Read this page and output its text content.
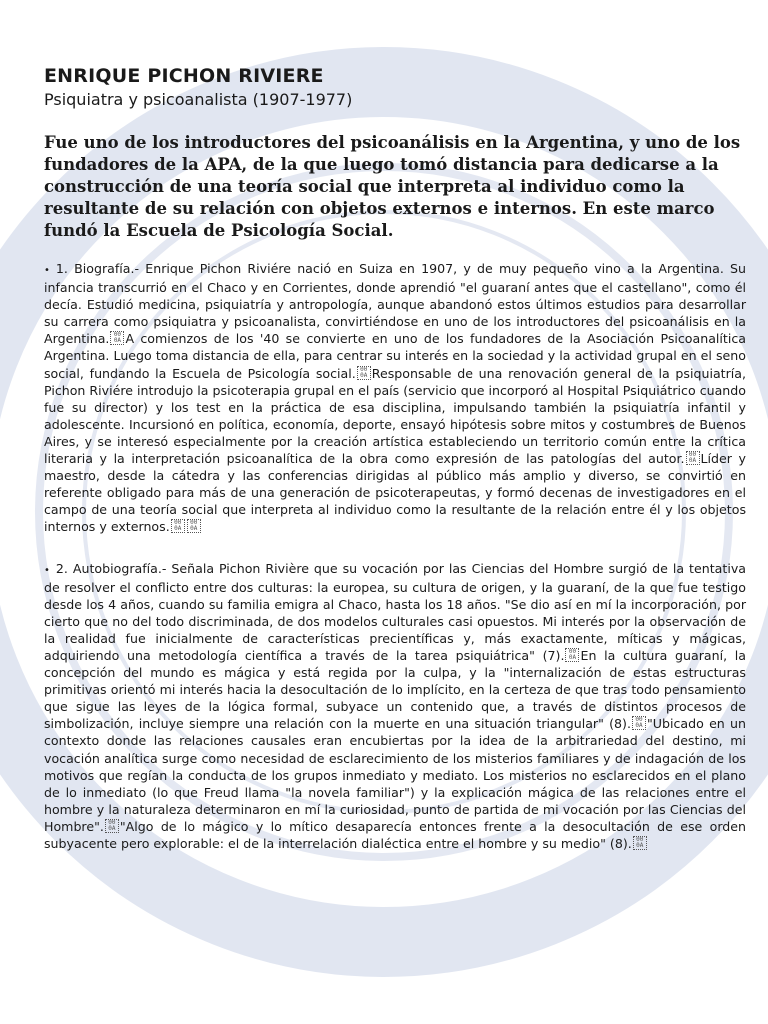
ENRIQUE PICHON RIVIERE

Psiquiatra y psicoanalista (1907-1977)

Fue uno de los introductores del psicoanálisis en la Argentina, y uno de los fundadores de la APA, de la que luego tomó distancia para dedicarse a la construcción de una teoría social que interpreta al individuo como la resultante de su relación con objetos externos e internos. En este marco fundó la Escuela de Psicología Social.

• 1. Biografía.- Enrique Pichon Riviére nació en Suiza en 1907, y de muy pequeño vino a la Argentina. Su infancia transcurrió en el Chaco y en Corrientes, donde aprendió "el guaraní antes que el castellano", como él decía. Estudió medicina, psiquiatría y antropología, aunque abandonó estos últimos estudios para desarrollar su carrera como psiquiatra y psicoanalista, convirtiéndose en uno de los introductores del psicoanálisis en la Argentina. 00
0A A comienzos de los '40 se convierte en uno de los fundadores de la Asociación Psicoanalítica Argentina. Luego toma distancia de ella, para centrar su interés en la sociedad y la actividad grupal en el seno social, fundando la Escuela de Psicología social. 00
0A Responsable de una renovación general de la psiquiatría, Pichon Riviére introdujo la psicoterapia grupal en el país (servicio que incorporó al Hospital Psiquiátrico cuando fue su director) y los test en la práctica de esa disciplina, impulsando también la psiquiatría infantil y adolescente. Incursionó en política, economía, deporte, ensayó hipótesis sobre mitos y costumbres de Buenos Aires, y se interesó especialmente por la creación artística estableciendo un territorio común entre la crítica literaria y la interpretación psicoanalítica de la obra como expresión de las patologías del autor. 00
0A Líder y maestro, desde la cátedra y las conferencias dirigidas al público más amplio y diverso, se convirtió en referente obligado para más de una generación de psicoterapeutas, y formó decenas de investigadores en el campo de una teoría social que interpreta al individuo como la resultante de la relación entre él y los objetos internos y externos. 00
0A00
0A

• 2. Autobiografía.- Señala Pichon Rivière que su vocación por las Ciencias del Hombre surgió de la tentativa de resolver el conflicto entre dos culturas: la europea, su cultura de origen, y la guaraní, de la que fue testigo desde los 4 años, cuando su familia emigra al Chaco, hasta los 18 años. "Se dio así en mí la incorporación, por cierto que no del todo discriminada, de dos modelos culturales casi opuestos. Mi interés por la observación de la realidad fue inicialmente de características precientíficas y, más exactamente, míticas y mágicas, adquiriendo una metodología científica a través de la tarea psiquiátrica" (7). 00
0A En la cultura guaraní, la concepción del mundo es mágica y está regida por la culpa, y la "internalización de estas estructuras primitivas orientó mi interés hacia la desocultación de lo implícito, en la certeza de que tras todo pensamiento que sigue las leyes de la lógica formal, subyace un contenido que, a través de distintos procesos de simbolización, incluye siempre una relación con la muerte en una situación triangular" (8). 00
0A "Ubicado en un contexto donde las relaciones causales eran encubiertas por la idea de la arbitrariedad del destino, mi vocación analítica surge como necesidad de esclarecimiento de los misterios familiares y de indagación de los motivos que regían la conducta de los grupos inmediato y mediato. Los misterios no esclarecidos en el plano de lo inmediato (lo que Freud llama "la novela familiar") y la explicación mágica de las relaciones entre el hombre y la naturaleza determinaron en mí la curiosidad, punto de partida de mi vocación por las Ciencias del Hombre". 00
0A "Algo de lo mágico y lo mítico desaparecía entonces frente a la desocultación de ese orden subyacente pero explorable: el de la interrelación dialéctica entre el hombre y su medio" (8). 00
0A
